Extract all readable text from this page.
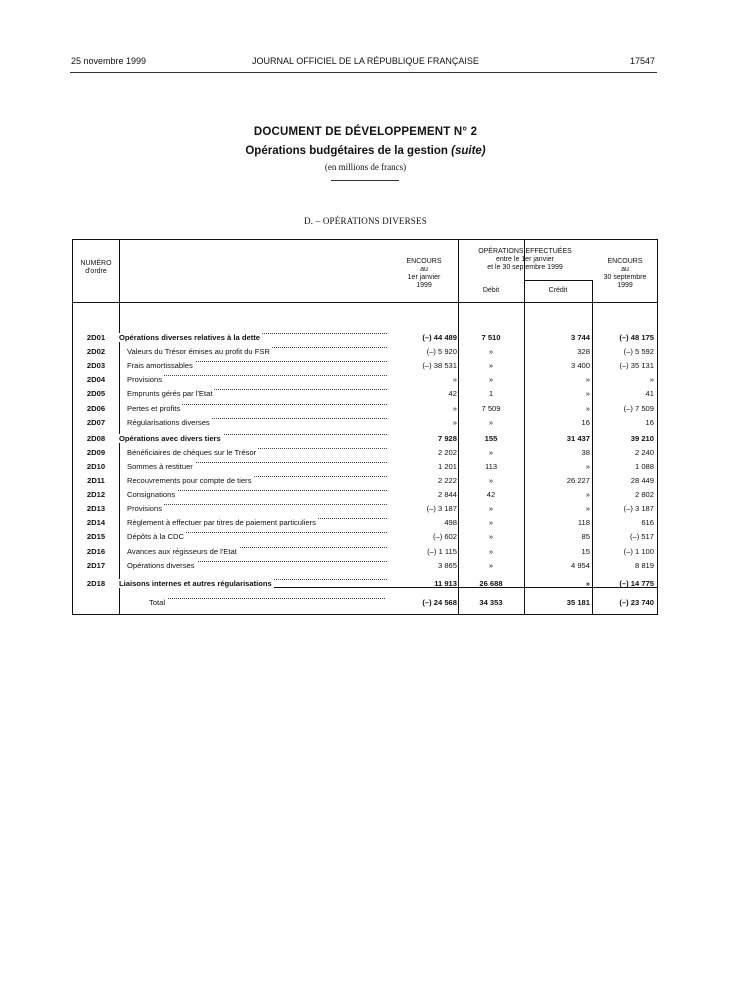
25 novembre 1999	JOURNAL OFFICIEL DE LA RÉPUBLIQUE FRANÇAISE	17547
DOCUMENT DE DÉVELOPPEMENT N° 2
Opérations budgétaires de la gestion (suite)
(en millions de francs)
D. – OPÉRATIONS DIVERSES
NUMÉRO
d'ordre
ENCOURS
au
1er janvier
1999
OPÉRATIONS EFFECTUÉES
entre le 1er janvier
et le 30 septembre 1999
Débit	Crédit
ENCOURS
au
30 septembre
1999
2D01	Opérations diverses relatives à la dette	(–) 44 489	7 510	3 744	(–) 48 175
2D02	Valeurs du Trésor émises au profit du FSR	(–) 5 920	»	328	(–) 5 592
2D03	Frais amortissables	(–) 38 531	»	3 400	(–) 35 131
2D04	Provisions	»	»	»	»
2D05	Emprunts gérés par l'Etat	42	1	»	41
2D06	Pertes et profits	»	7 509	»	(–) 7 509
2D07	Régularisations diverses	»	»	16	16
2D08	Opérations avec divers tiers	7 928	155	31 437	39 210
2D09	Bénéficiaires de chèques sur le Trésor	2 202	»	38	2 240
2D10	Sommes à restituer	1 201	113	»	1 088
2D11	Recouvrements pour compte de tiers	2 222	»	26 227	28 449
2D12	Consignations	2 844	42	»	2 802
2D13	Provisions	(–) 3 187	»	»	(–) 3 187
2D14	Règlement à effectuer par titres de paiement particuliers	498	»	118	616
2D15	Dépôts à la CDC	(–) 602	»	85	(–) 517
2D16	Avances aux régisseurs de l'Etat	(–) 1 115	»	15	(–) 1 100
2D17	Opérations diverses	3 865	»	4 954	8 819
2D18	Liaisons internes et autres régularisations	11 913	26 688	»	(–) 14 775
Total	(–) 24 568	34 353	35 181	(–) 23 740
